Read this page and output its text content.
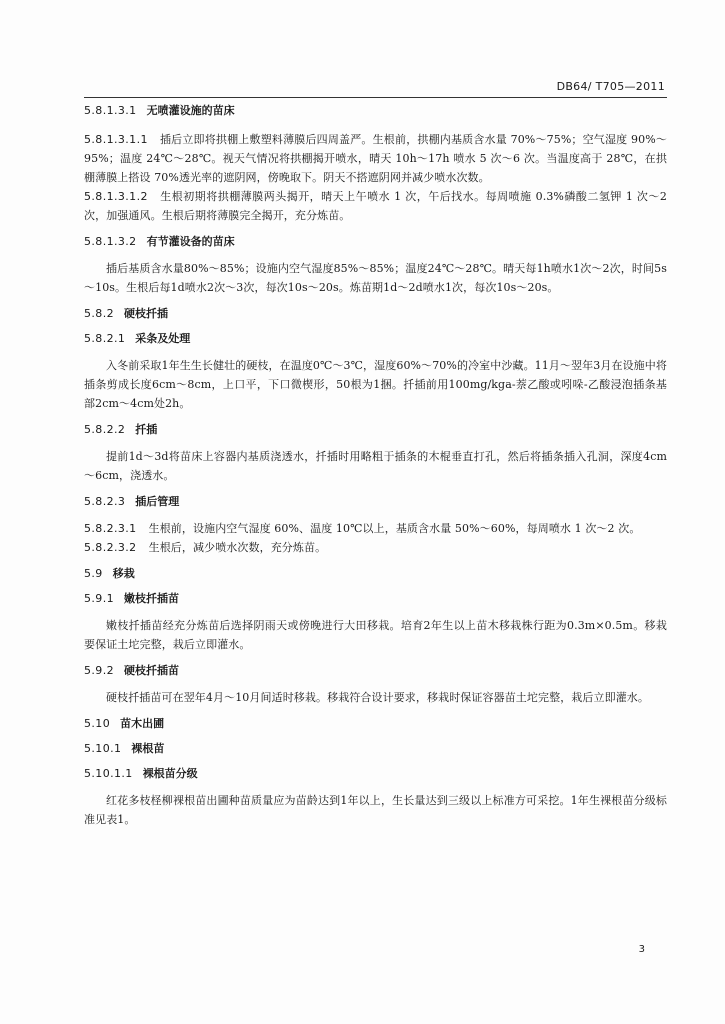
DB64/ T705—2011

5.8.1.3.1 无喷灌设施的苗床

5.8.1.3.1.1 插后立即将拱棚上敷塑料薄膜后四周盖严。生根前，拱棚内基质含水量 70%～75%；空气湿度 90%～95%；温度 24℃～28℃。视天气情况将拱棚揭开喷水，晴天 10h～17h 喷水 5 次～6 次。当温度高于 28℃，在拱棚薄膜上搭设 70%透光率的遮阴网，傍晚取下。阴天不搭遮阴网并减少喷水次数。

5.8.1.3.1.2 生根初期将拱棚薄膜两头揭开，晴天上午喷水 1 次，午后找水。每周喷施 0.3%磷酸二氢钾 1 次～2 次，加强通风。生根后期将薄膜完全揭开，充分炼苗。

5.8.1.3.2 有节灌设备的苗床

插后基质含水量80%～85%；设施内空气湿度85%～85%；温度24℃～28℃。晴天每1h喷水1次～2次，时间5s～10s。生根后每1d喷水2次～3次，每次10s～20s。炼苗期1d～2d喷水1次，每次10s～20s。

5.8.2 硬枝扦插

5.8.2.1 采条及处理

入冬前采取1年生生长健壮的硬枝，在温度0℃～3℃，湿度60%～70%的冷室中沙藏。11月～翌年3月在设施中将插条剪成长度6cm～8cm，上口平，下口微楔形，50根为1捆。扦插前用100mg/kga-萘乙酸或吲哚-乙酸浸泡插条基部2cm～4cm处2h。

5.8.2.2 扦插

提前1d～3d将苗床上容器内基质浇透水，扦插时用略粗于插条的木棍垂直打孔，然后将插条插入孔洞，深度4cm～6cm，浇透水。

5.8.2.3 插后管理

5.8.2.3.1 生根前，设施内空气湿度 60%、温度 10℃以上，基质含水量 50%～60%，每周喷水 1 次～2 次。

5.8.2.3.2 生根后，减少喷水次数，充分炼苗。

5.9 移栽

5.9.1 嫩枝扦插苗

嫩枝扦插苗经充分炼苗后选择阴雨天或傍晚进行大田移栽。培育2年生以上苗木移栽株行距为0.3m×0.5m。移栽要保证土坨完整，栽后立即灌水。

5.9.2 硬枝扦插苗

硬枝扦插苗可在翌年4月～10月间适时移栽。移栽符合设计要求，移栽时保证容器苗土坨完整，栽后立即灌水。

5.10 苗木出圃

5.10.1 裸根苗

5.10.1.1 裸根苗分级

红花多枝柽柳裸根苗出圃种苗质量应为苗龄达到1年以上，生长量达到三级以上标准方可采挖。1年生裸根苗分级标准见表1。

3
